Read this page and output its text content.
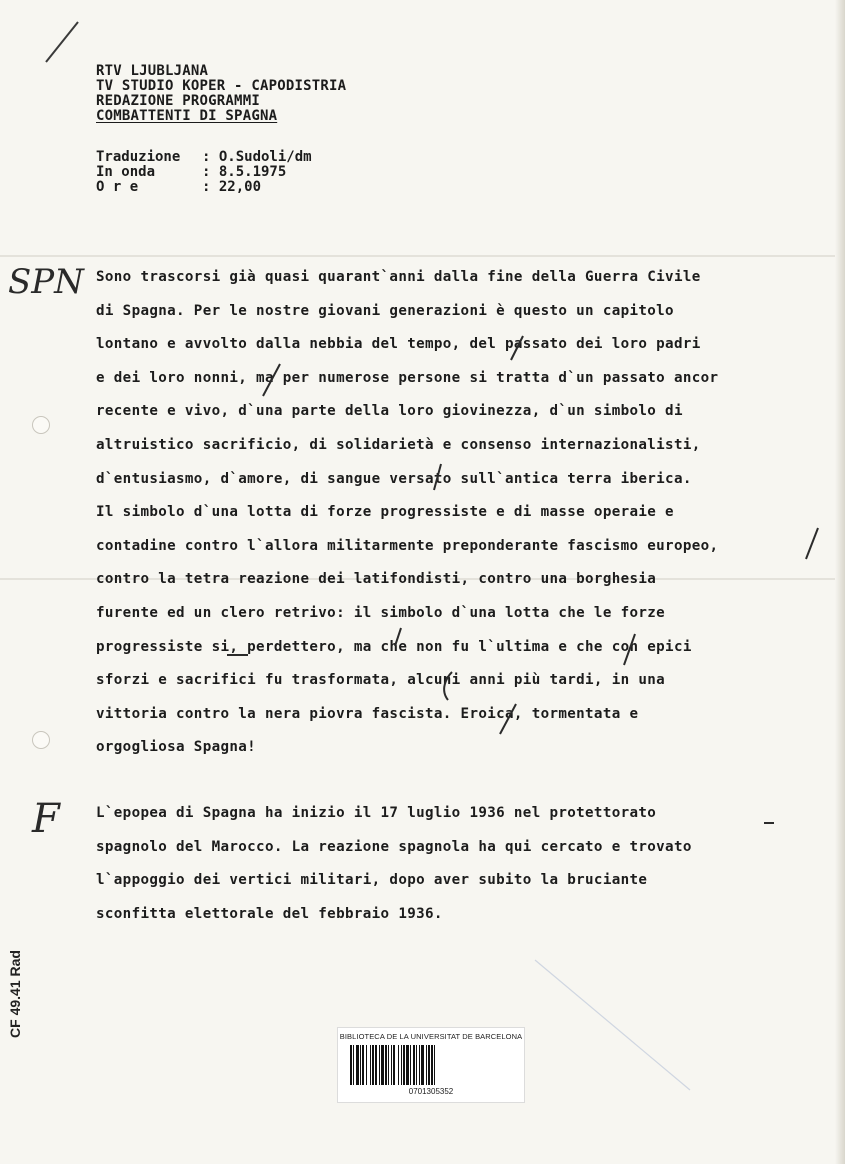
RTV LJUBLJANA
TV STUDIO KOPER - CAPODISTRIA
REDAZIONE PROGRAMMI
COMBATTENTI DI SPAGNA
Traduzione	: O.Sudoli/dm
In onda	: 8.5.1975
O r e	: 22,00
SPN
F
Sono trascorsi già quasi quarant`anni dalla fine della Guerra Civile
di Spagna. Per le nostre giovani generazioni è questo un capitolo
lontano e avvolto dalla nebbia del tempo, del passato dei loro padri
e dei loro nonni, ma per numerose persone si tratta d`un passato ancor
recente e vivo, d`una parte della loro giovinezza, d`un simbolo di
altruistico sacrificio, di solidarietà e consenso internazionalisti,
d`entusiasmo, d`amore, di sangue versato sull`antica terra iberica.
Il simbolo d`una lotta di forze progressiste e di masse operaie e
contadine contro l`allora militarmente preponderante fascismo europeo,
contro la tetra reazione dei latifondisti, contro una borghesia
furente ed un clero retrivo: il simbolo d`una lotta che le forze
progressiste si, perdettero, ma che non fu l`ultima e che con epici
sforzi e sacrifici fu trasformata, alcuni anni più tardi, in una
vittoria contro la nera piovra fascista. Eroica, tormentata e
orgogliosa Spagna!
L`epopea di Spagna ha inizio il 17 luglio 1936 nel protettorato
spagnolo del Marocco. La reazione spagnola ha qui cercato e trovato
l`appoggio dei vertici militari, dopo aver subito la bruciante
sconfitta elettorale del febbraio 1936.
CF 49.41 Rad	BIBLIOTECA DE LA UNIVERSITAT DE BARCELONA
0701305352
